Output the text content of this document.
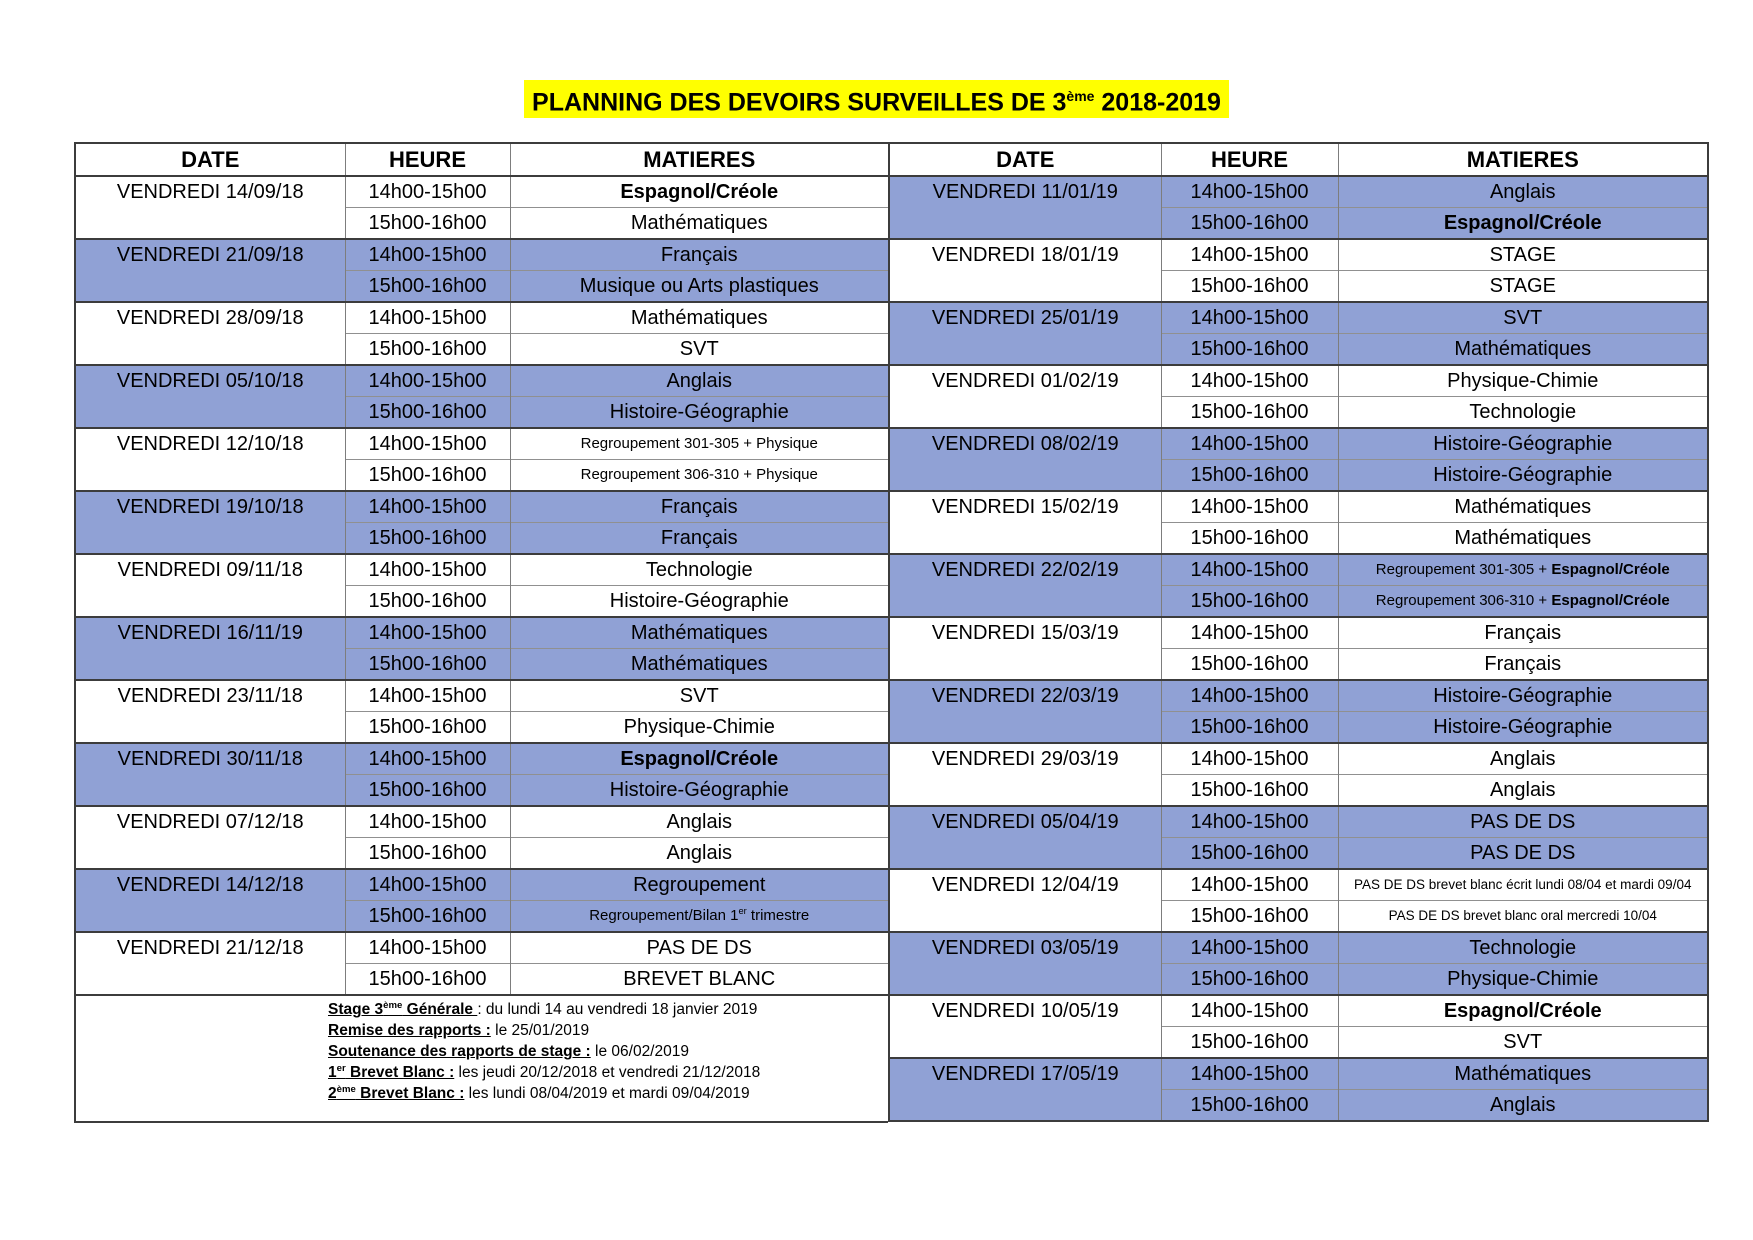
PLANNING DES DEVOIRS SURVEILLES DE 3ème 2018-2019
DATE	HEURE	MATIERES
VENDREDI 14/09/18	14h00-15h00	Espagnol/Créole
	15h00-16h00	Mathématiques
VENDREDI 21/09/18	14h00-15h00	Français
	15h00-16h00	Musique ou Arts plastiques
VENDREDI 28/09/18	14h00-15h00	Mathématiques
	15h00-16h00	SVT
VENDREDI 05/10/18	14h00-15h00	Anglais
	15h00-16h00	Histoire-Géographie
VENDREDI 12/10/18	14h00-15h00	Regroupement 301-305 + Physique
	15h00-16h00	Regroupement 306-310 + Physique
VENDREDI 19/10/18	14h00-15h00	Français
	15h00-16h00	Français
VENDREDI 09/11/18	14h00-15h00	Technologie
	15h00-16h00	Histoire-Géographie
VENDREDI 16/11/19	14h00-15h00	Mathématiques
	15h00-16h00	Mathématiques
VENDREDI 23/11/18	14h00-15h00	SVT
	15h00-16h00	Physique-Chimie
VENDREDI 30/11/18	14h00-15h00	Espagnol/Créole
	15h00-16h00	Histoire-Géographie
VENDREDI 07/12/18	14h00-15h00	Anglais
	15h00-16h00	Anglais
VENDREDI 14/12/18	14h00-15h00	Regroupement
	15h00-16h00	Regroupement/Bilan 1er trimestre
VENDREDI 21/12/18	14h00-15h00	PAS DE DS
	15h00-16h00	BREVET BLANC

Stage 3ème Générale : du lundi 14 au vendredi 18 janvier 2019
Remise des rapports : le 25/01/2019
Soutenance des rapports de stage : le 06/02/2019
1er Brevet Blanc : les jeudi 20/12/2018 et vendredi 21/12/2018
2ème Brevet Blanc : les lundi 08/04/2019 et mardi 09/04/2019		
DATE	HEURE	MATIERES
VENDREDI 11/01/19	14h00-15h00	Anglais
	15h00-16h00	Espagnol/Créole
VENDREDI 18/01/19	14h00-15h00	STAGE
	15h00-16h00	STAGE
VENDREDI 25/01/19	14h00-15h00	SVT
	15h00-16h00	Mathématiques
VENDREDI 01/02/19	14h00-15h00	Physique-Chimie
	15h00-16h00	Technologie
VENDREDI 08/02/19	14h00-15h00	Histoire-Géographie
	15h00-16h00	Histoire-Géographie
VENDREDI 15/02/19	14h00-15h00	Mathématiques
	15h00-16h00	Mathématiques
VENDREDI 22/02/19	14h00-15h00	Regroupement 301-305 + Espagnol/Créole
	15h00-16h00	Regroupement 306-310 + Espagnol/Créole
VENDREDI 15/03/19	14h00-15h00	Français
	15h00-16h00	Français
VENDREDI 22/03/19	14h00-15h00	Histoire-Géographie
	15h00-16h00	Histoire-Géographie
VENDREDI 29/03/19	14h00-15h00	Anglais
	15h00-16h00	Anglais
VENDREDI 05/04/19	14h00-15h00	PAS DE DS
	15h00-16h00	PAS DE DS
VENDREDI 12/04/19	14h00-15h00	PAS DE DS brevet blanc écrit lundi 08/04 et mardi 09/04
	15h00-16h00	PAS DE DS brevet blanc oral mercredi 10/04
VENDREDI 03/05/19	14h00-15h00	Technologie
	15h00-16h00	Physique-Chimie
VENDREDI 10/05/19	14h00-15h00	Espagnol/Créole
	15h00-16h00	SVT
VENDREDI 17/05/19	14h00-15h00	Mathématiques
	15h00-16h00	Anglais
